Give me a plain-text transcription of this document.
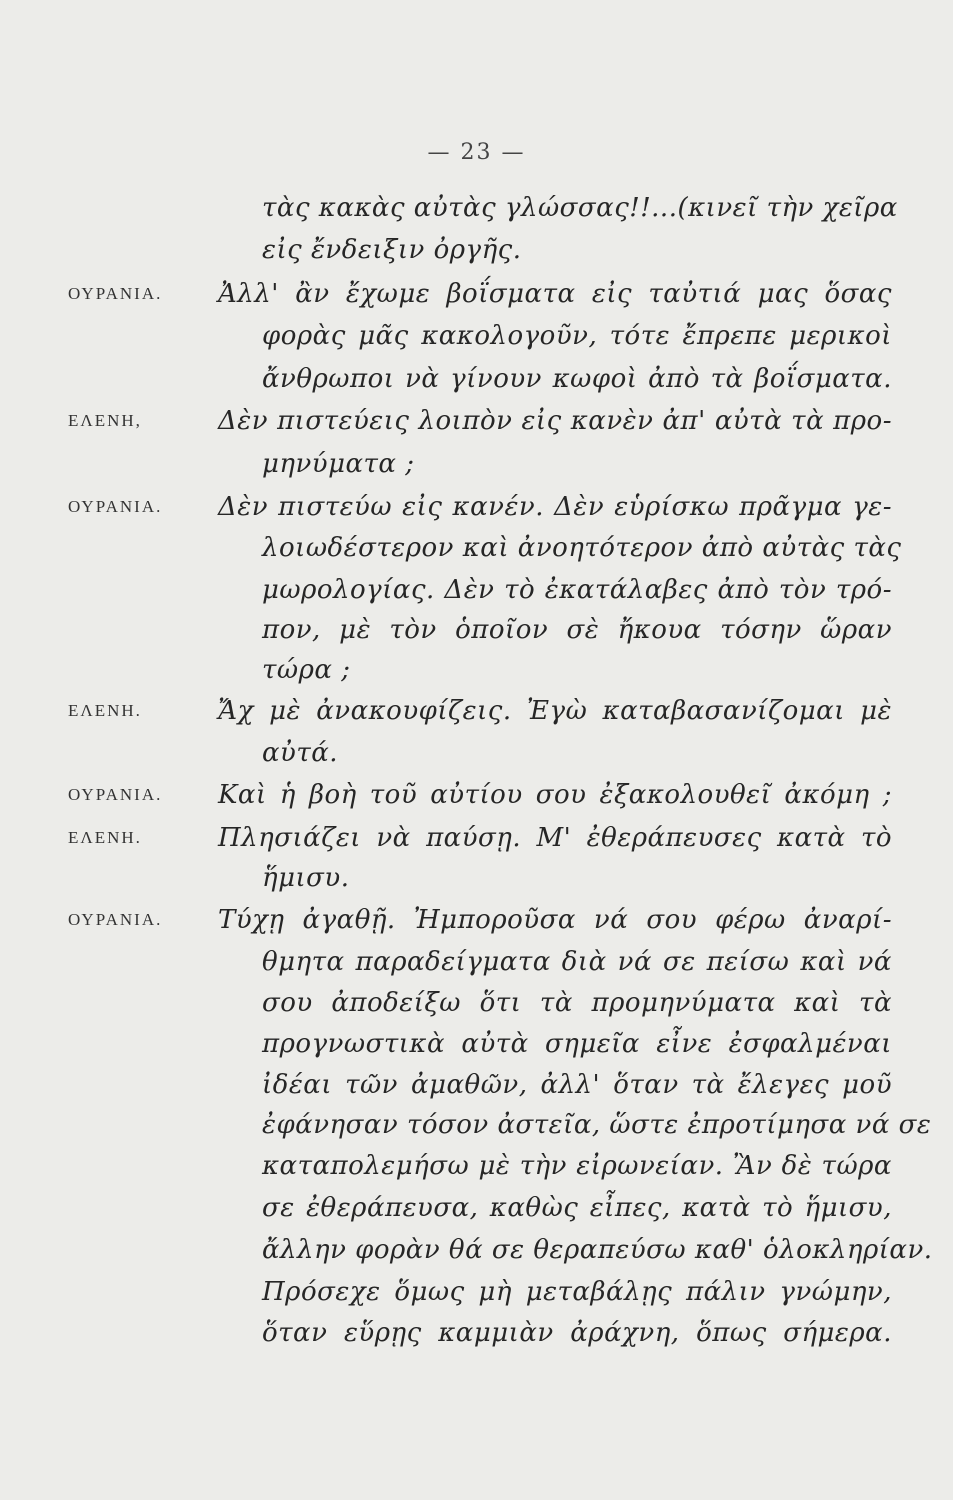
— 23 —
τὰς κακὰς αὐτὰς γλώσσας!!...(κινεῖ τὴν χεῖρα
εἰς ἔνδειξιν ὀργῆς.
ΟΥΡΑΝΙΑ. Ἀλλ' ἂν ἔχωμε βοΐσματα εἰς ταὐτιά μας ὅσας
φορὰς μᾶς κακολογοῦν, τότε ἔπρεπε μερικοὶ
ἄνθρωποι νὰ γίνουν κωφοὶ ἀπὸ τὰ βοΐσματα.
ΕΛΕΝΗ,	Δὲν πιστεύεις λοιπὸν εἰς κανὲν ἀπ' αὐτὰ τὰ προ-
μηνύματα ;
ΟΥΡΑΝΙΑ. Δὲν πιστεύω εἰς κανέν. Δὲν εὑρίσκω πρᾶγμα γε-
λοιωδέστερον καὶ ἀνοητότερον ἀπὸ αὐτὰς τὰς
μωρολογίας. Δὲν τὸ ἐκατάλαβες ἀπὸ τὸν τρό-
πον, μὲ τὸν ὁποῖον σὲ ἤκουα τόσην ὥραν
τώρα ;
ΕΛΕΝΗ.	Ἄχ μὲ ἀνακουφίζεις. Ἐγὼ καταβασανίζομαι μὲ
αὐτά.
ΟΥΡΑΝΙΑ. Καὶ ἡ βοὴ τοῦ αὐτίου σου ἐξακολουθεῖ ἀκόμη ;
ΕΛΕΝΗ.	Πλησιάζει νὰ παύσῃ. Μ' ἐθεράπευσες κατὰ τὸ
ἥμισυ.
ΟΥΡΑΝΙΑ. Τύχῃ ἀγαθῇ. Ἠμποροῦσα νά σου φέρω ἀναρί-
θμητα παραδείγματα διὰ νά σε πείσω καὶ νά
σου ἀποδείξω ὅτι τὰ προμηνύματα καὶ τὰ
προγνωστικὰ αὐτὰ σημεῖα εἶνε ἐσφαλμέναι
ἰδέαι τῶν ἀμαθῶν, ἀλλ' ὅταν τὰ ἔλεγες μοῦ
ἐφάνησαν τόσον ἀστεῖα, ὥστε ἐπροτίμησα νά σε
καταπολεμήσω μὲ τὴν εἰρωνείαν. Ἂν δὲ τώρα
σε ἐθεράπευσα, καθὼς εἶπες, κατὰ τὸ ἥμισυ,
ἄλλην φορὰν θά σε θεραπεύσω καθ' ὁλοκληρίαν.
Πρόσεχε ὅμως μὴ μεταβάλῃς πάλιν γνώμην,
ὅταν εὕρῃς καμμιὰν ἀράχνη, ὅπως σήμερα.
